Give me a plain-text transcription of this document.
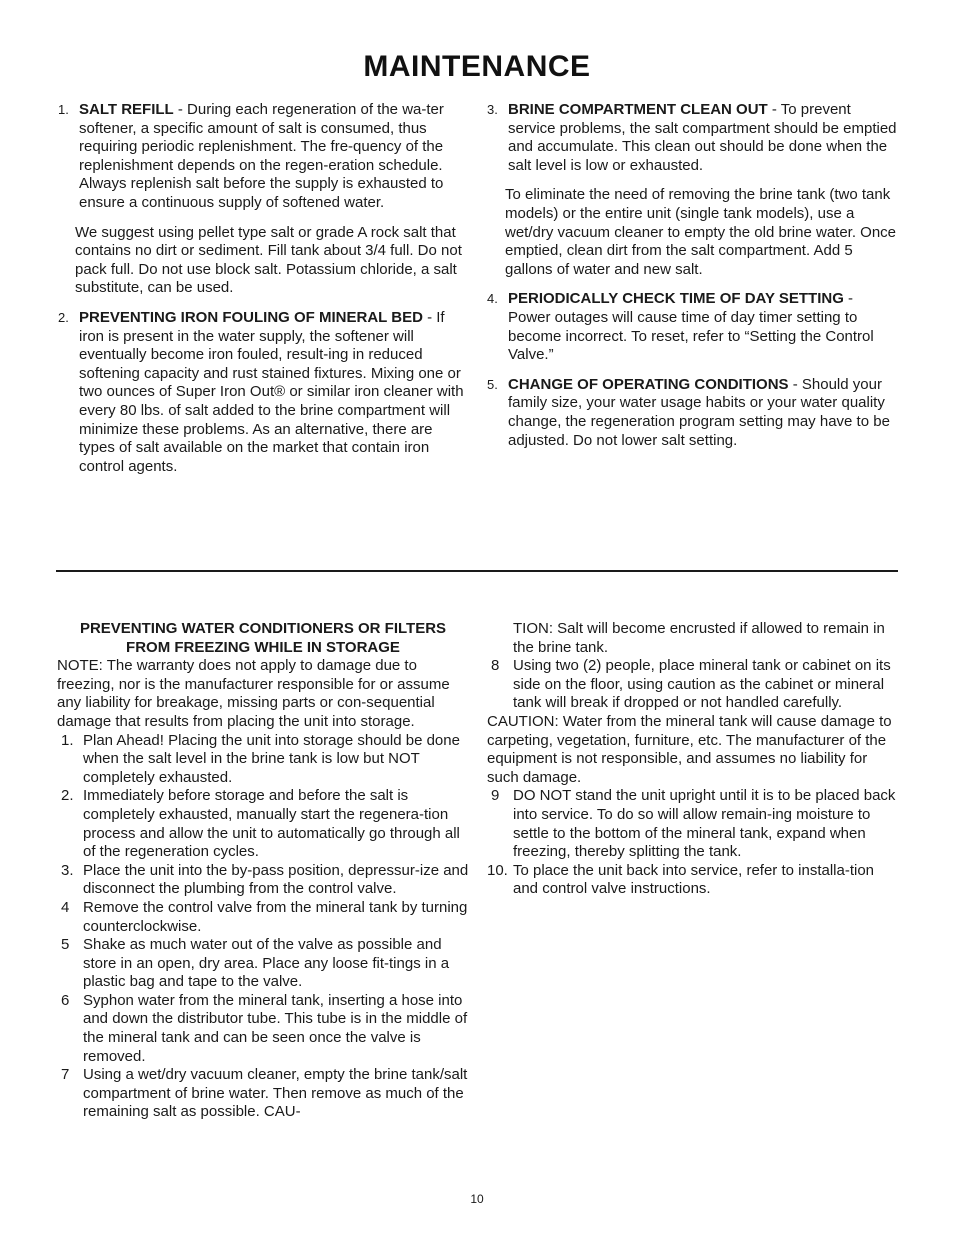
MAINTENANCE
1. SALT REFILL - During each regeneration of the wa-ter softener, a specific amount of salt is consumed, thus requiring periodic replenishment. The fre-quency of the replenishment depends on the regen-eration schedule. Always replenish salt before the supply is exhausted to ensure a continuous supply of softened water.

We suggest using pellet type salt or grade A rock salt that contains no dirt or sediment. Fill tank about 3/4 full. Do not pack full. Do not use block salt. Potassium chloride, a salt substitute, can be used.

2. PREVENTING IRON FOULING OF MINERAL BED - If iron is present in the water supply, the softener will eventually become iron fouled, result-ing in reduced softening capacity and rust stained fixtures. Mixing one or two ounces of Super Iron Out® or similar iron cleaner with every 80 lbs. of salt added to the brine compartment will minimize these problems. As an alternative, there are types of salt available on the market that contain iron control agents.

3. BRINE COMPARTMENT CLEAN OUT - To prevent service problems, the salt compartment should be emptied and accumulate. This clean out should be done when the salt level is low or exhausted.

To eliminate the need of removing the brine tank (two tank models) or the entire unit (single tank models), use a wet/dry vacuum cleaner to empty the old brine water. Once emptied, clean dirt from the salt compartment. Add 5 gallons of water and new salt.

4. PERIODICALLY CHECK TIME OF DAY SETTING - Power outages will cause time of day timer setting to become incorrect. To reset, refer to “Setting the Control Valve.”

5. CHANGE OF OPERATING CONDITIONS - Should your family size, your water usage habits or your water quality change, the regeneration program setting may have to be adjusted. Do not lower salt setting.

PREVENTING WATER CONDITIONERS OR FILTERS

FROM FREEZING WHILE IN STORAGE

NOTE: The warranty does not apply to damage due to freezing, nor is the manufacturer responsible for or assume any liability for breakage, missing parts or con-sequential damage that results from placing the unit into storage.

1. Plan Ahead! Placing the unit into storage should be done when the salt level in the brine tank is low but NOT completely exhausted.

2. Immediately before storage and before the salt is completely exhausted, manually start the regenera-tion process and allow the unit to automatically go through all of the regeneration cycles.

3. Place the unit into the by-pass position, depressur-ize and disconnect the plumbing from the control valve.

4 Remove the control valve from the mineral tank by turning counterclockwise.

5 Shake as much water out of the valve as possible and store in an open, dry area. Place any loose fit-tings in a plastic bag and tape to the valve.

6 Syphon water from the mineral tank, inserting a hose into and down the distributor tube. This tube is in the middle of the mineral tank and can be seen once the valve is removed.

7 Using a wet/dry vacuum cleaner, empty the brine tank/salt compartment of brine water. Then remove as much of the remaining salt as possible. CAU-

TION: Salt will become encrusted if allowed to remain in the brine tank.

8 Using two (2) people, place mineral tank or cabinet on its side on the floor, using caution as the cabinet or mineral tank will break if dropped or not handled carefully.

CAUTION: Water from the mineral tank will cause damage to carpeting, vegetation, furniture, etc. The manufacturer of the equipment is not responsible, and assumes no liability for such damage.

9 DO NOT stand the unit upright until it is to be placed back into service. To do so will allow remain-ing moisture to settle to the bottom of the mineral tank, expand when freezing, thereby splitting the tank.

10. To place the unit back into service, refer to installa-tion and control valve instructions.

10
